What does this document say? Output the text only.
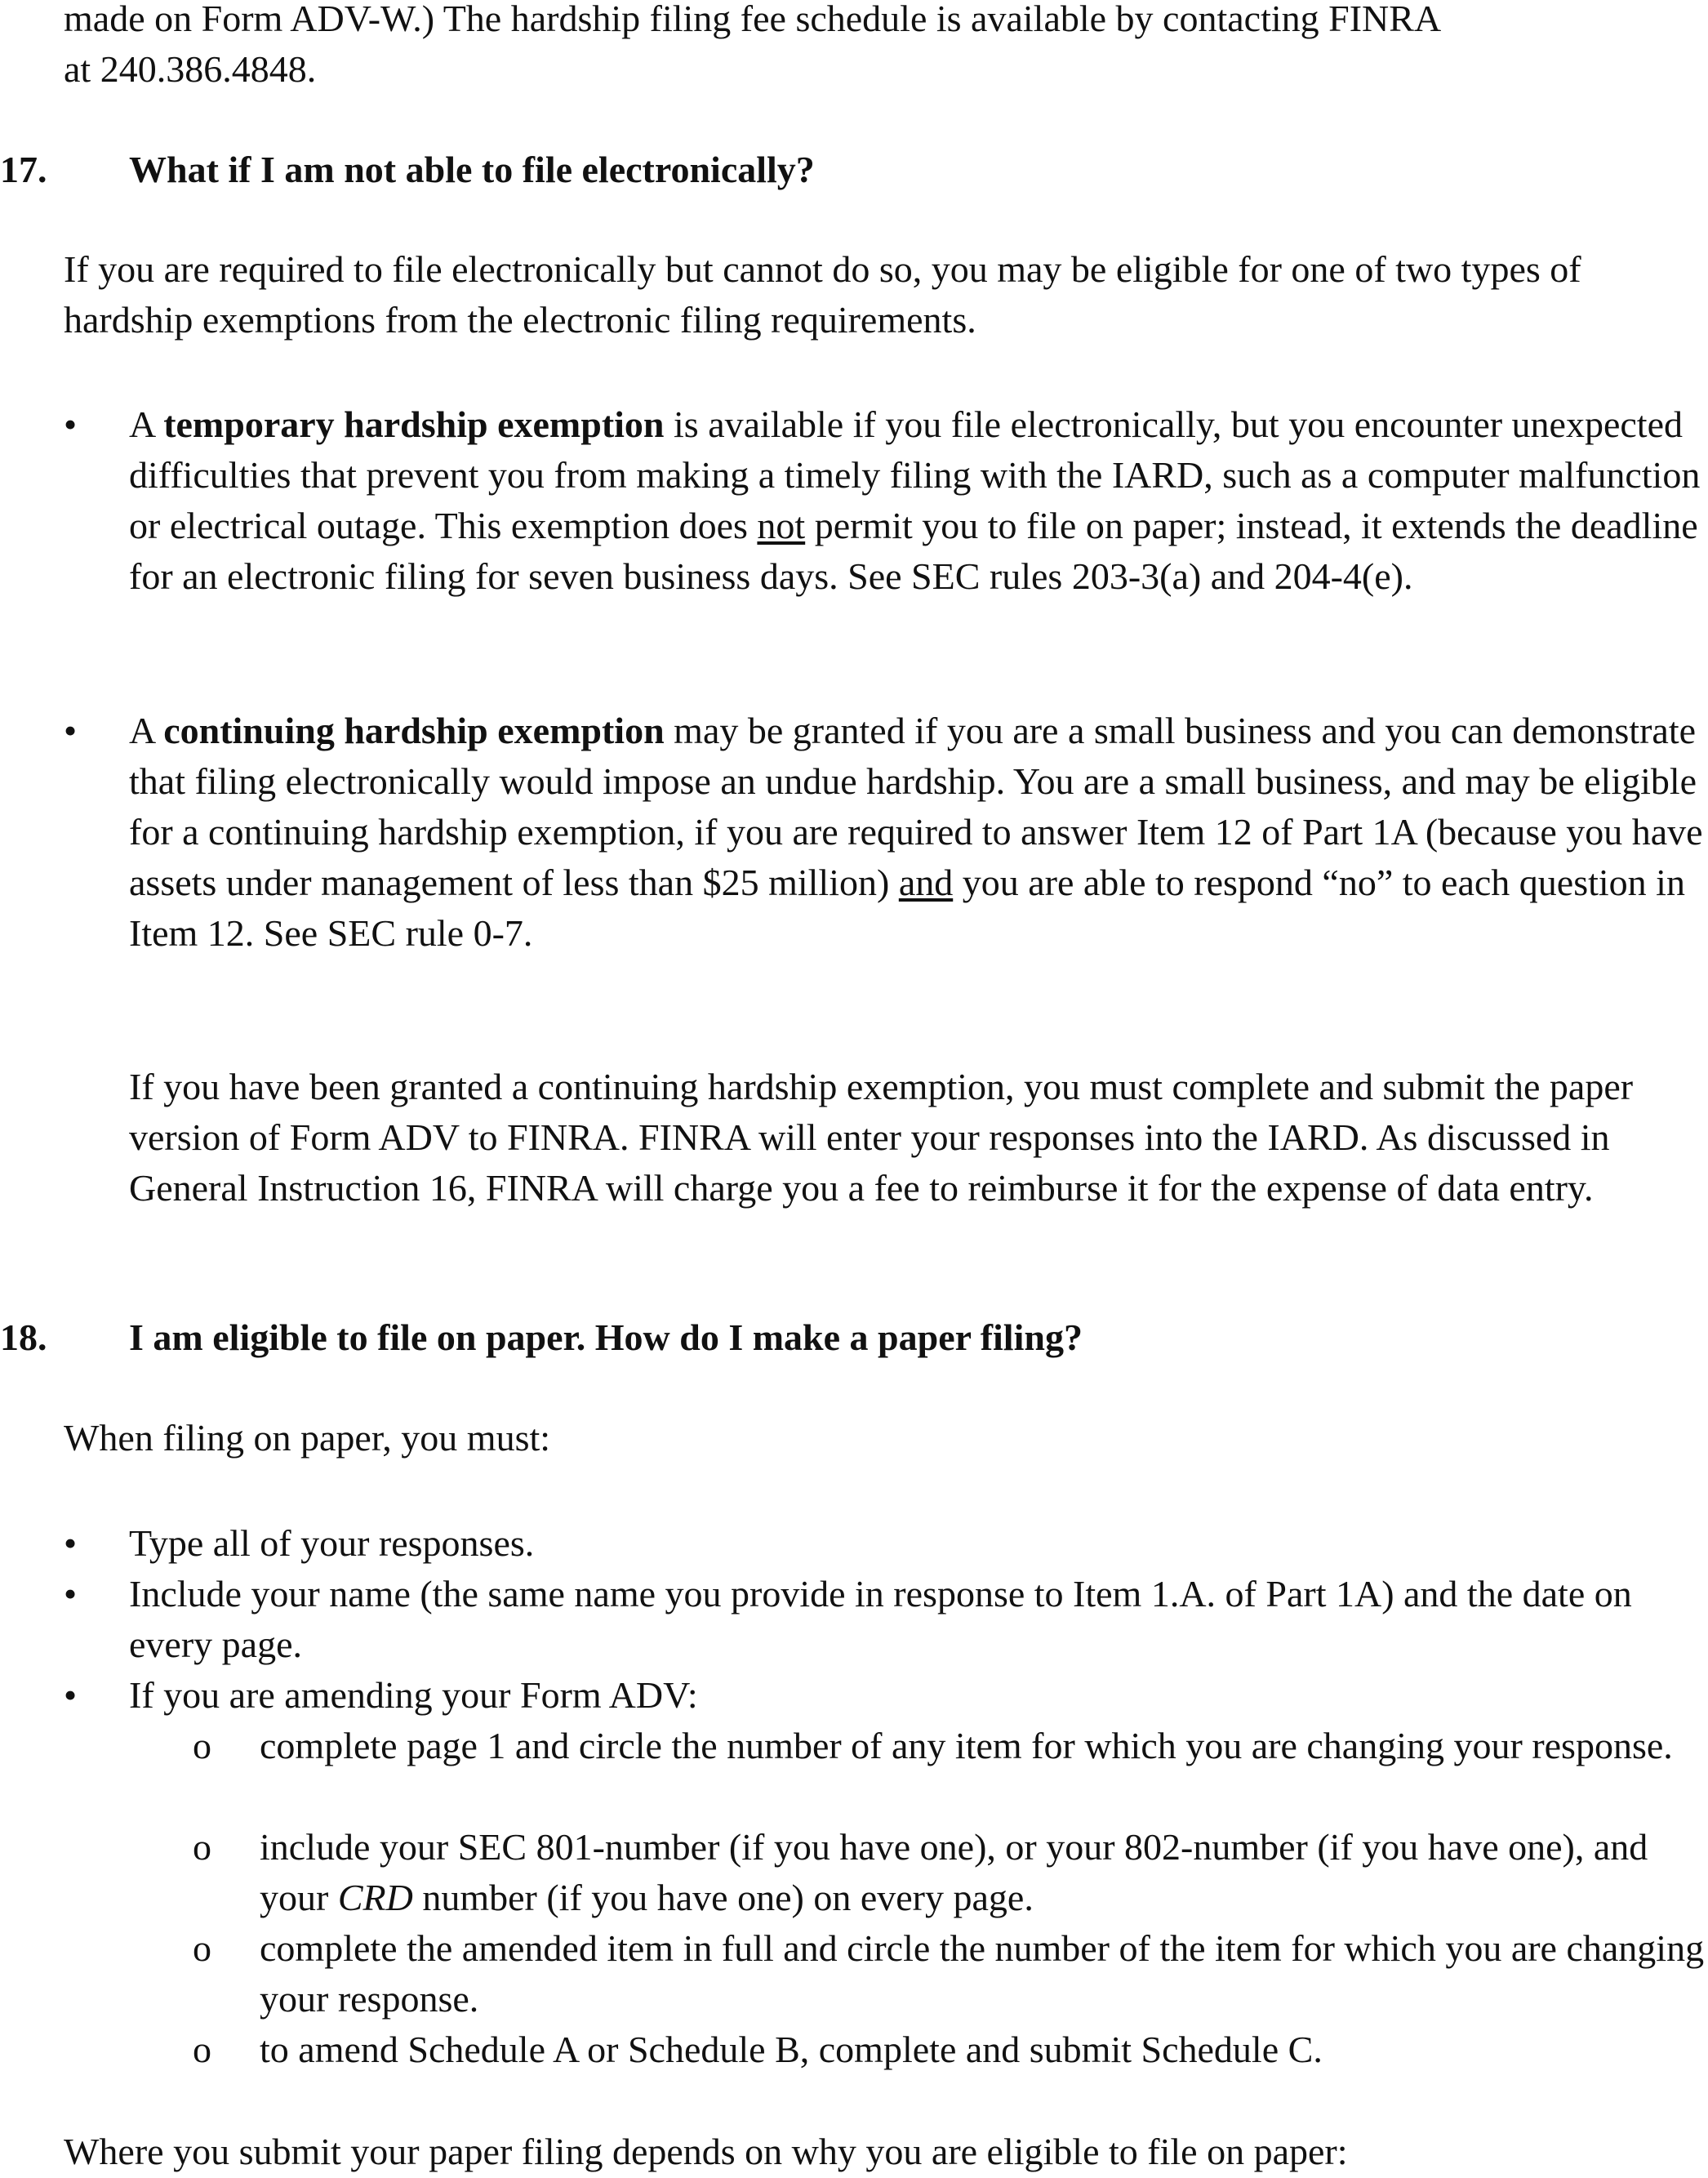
made on Form ADV-W.) The hardship filing fee schedule is available by contacting FINRA
at 240.386.4848.
17. What if I am not able to file electronically?

If you are required to file electronically but cannot do so, you may be eligible for one of two types of hardship exemptions from the electronic filing requirements.

•	A temporary hardship exemption is available if you file electronically, but you encounter unexpected difficulties that prevent you from making a timely filing with the IARD, such as a computer malfunction or electrical outage. This exemption does not permit you to file on paper; instead, it extends the deadline for an electronic filing for seven business days. See SEC rules 203-3(a) and 204-4(e).
•	A continuing hardship exemption may be granted if you are a small business and you can demonstrate that filing electronically would impose an undue hardship. You are a small business, and may be eligible for a continuing hardship exemption, if you are required to answer Item 12 of Part 1A (because you have assets under management of less than $25 million) and you are able to respond “no” to each question in Item 12. See SEC rule 0-7.

If you have been granted a continuing hardship exemption, you must complete and submit the paper version of Form ADV to FINRA. FINRA will enter your responses into the IARD. As discussed in General Instruction 16, FINRA will charge you a fee to reimburse it for the expense of data entry.

18. I am eligible to file on paper. How do I make a paper filing?

When filing on paper, you must:

•	Type all of your responses.
•	Include your name (the same name you provide in response to Item 1.A. of Part 1A) and the date on every page.
•	If you are amending your Form ADV:
o	complete page 1 and circle the number of any item for which you are changing your response.
o	include your SEC 801-number (if you have one), or your 802-number (if you have one), and your CRD number (if you have one) on every page.
o	complete the amended item in full and circle the number of the item for which you are changing your response.
o	to amend Schedule A or Schedule B, complete and submit Schedule C.

Where you submit your paper filing depends on why you are eligible to file on paper:
